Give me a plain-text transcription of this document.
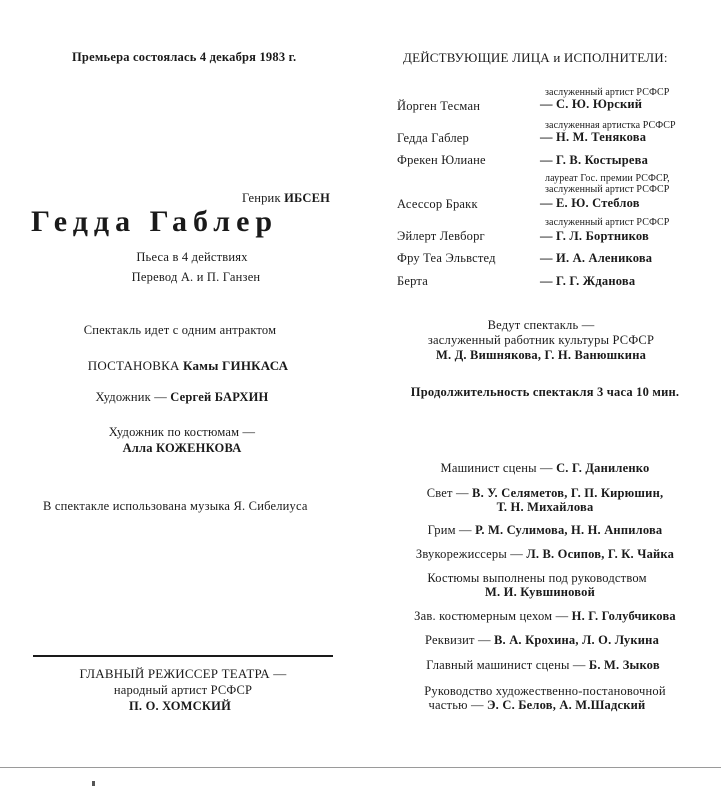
Премьера состоялась 4 декабря 1983 г.
Генрик ИБСЕН
Гедда Габлер
Пьеса в 4 действиях
Перевод А. и П. Ганзен
Спектакль идет с одним антрактом
ПОСТАНОВКА Камы ГИНКАСА
Художник — Сергей БАРХИН
Художник по костюмам —
Алла КОЖЕНКОВА
В спектакле использована музыка Я. Сибелиуса
ГЛАВНЫЙ РЕЖИССЕР ТЕАТРА —
народный артист РСФСР
П. О. ХОМСКИЙ
ДЕЙСТВУЮЩИЕ ЛИЦА и ИСПОЛНИТЕЛИ:
заслуженный артист РСФСР
Йорген Тесман	— С. Ю. Юрский
заслуженная артистка РСФСР
Гедда Габлер	— Н. М. Тенякова
Фрекен Юлиане	— Г. В. Костырева
лауреат Гос. премии РСФСР,
заслуженный артист РСФСР
Асессор Бракк	— Е. Ю. Стеблов
заслуженный артист РСФСР
Эйлерт Левборг	— Г. Л. Бортников
Фру Теа Эльвстед	— И. А. Аленикова
Берта	— Г. Г. Жданова
Ведут спектакль —
заслуженный работник культуры РСФСР
М. Д. Вишнякова, Г. Н. Ванюшкина
Продолжительность спектакля 3 часа 10 мин.
Машинист сцены — С. Г. Даниленко
Свет — В. У. Селяметов, Г. П. Кирюшин,
Т. Н. Михайлова
Грим — Р. М. Сулимова, Н. Н. Анпилова
Звукорежиссеры — Л. В. Осипов, Г. К. Чайка
Костюмы выполнены под руководством
М. И. Кувшиновой
Зав. костюмерным цехом — Н. Г. Голубчикова
Реквизит — В. А. Крохина, Л. О. Лукина
Главный машинист сцены — Б. М. Зыков
Руководство художественно-постановочной
частью — Э. С. Белов, А. М.Шадский
